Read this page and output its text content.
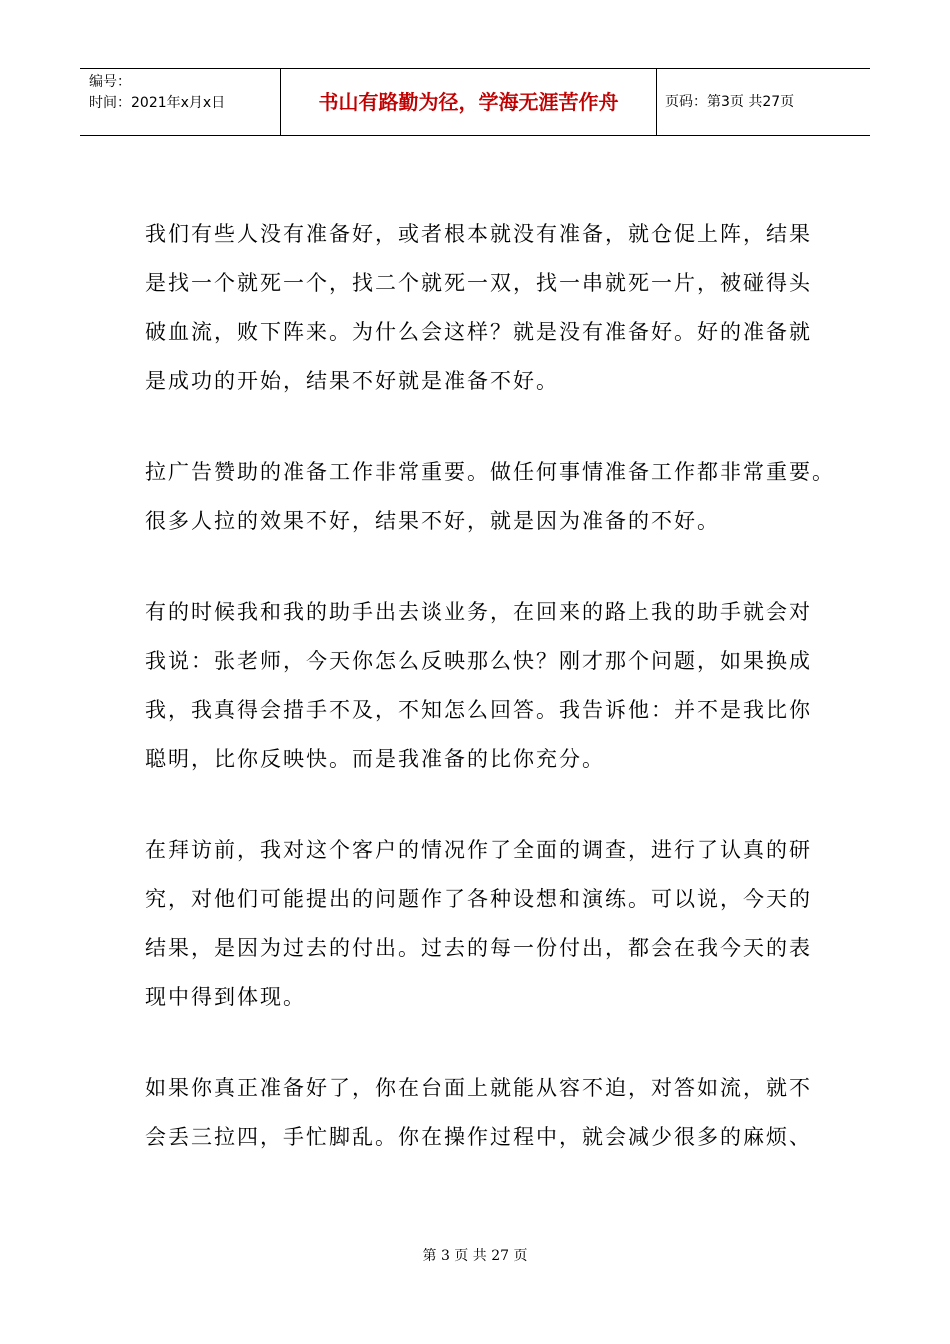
编号：
时间：2021年x月x日	书山有路勤为径，学海无涯苦作舟	页码：第3页 共27页

我们有些人没有准备好，或者根本就没有准备，就仓促上阵，结果
是找一个就死一个，找二个就死一双，找一串就死一片，被碰得头
破血流，败下阵来。为什么会这样？就是没有准备好。好的准备就
是成功的开始，结果不好就是准备不好。

拉广告赞助的准备工作非常重要。做任何事情准备工作都非常重要。
很多人拉的效果不好，结果不好，就是因为准备的不好。

有的时候我和我的助手出去谈业务，在回来的路上我的助手就会对
我说：张老师，今天你怎么反映那么快？刚才那个问题，如果换成
我，我真得会措手不及，不知怎么回答。我告诉他：并不是我比你
聪明，比你反映快。而是我准备的比你充分。

在拜访前，我对这个客户的情况作了全面的调查，进行了认真的研
究，对他们可能提出的问题作了各种设想和演练。可以说，今天的
结果，是因为过去的付出。过去的每一份付出，都会在我今天的表
现中得到体现。

如果你真正准备好了，你在台面上就能从容不迫，对答如流，就不
会丢三拉四，手忙脚乱。你在操作过程中，就会减少很多的麻烦、

第 3 页 共 27 页
